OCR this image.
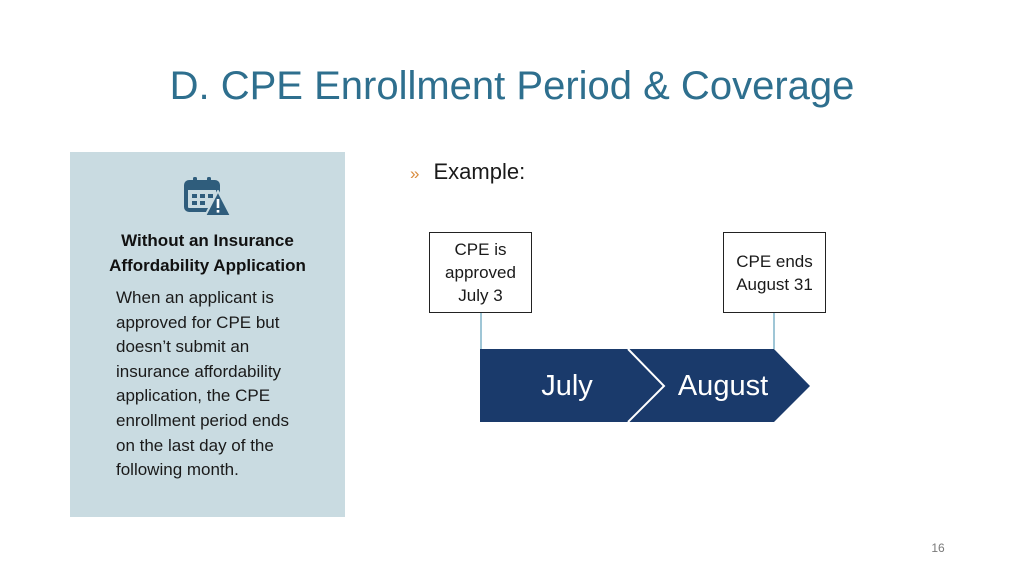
D. CPE Enrollment Period & Coverage
Without an Insurance
Affordability Application
When an applicant is
approved for CPE but
doesn’t submit an
insurance affordability
application, the CPE
enrollment period ends
on the last day of the
following month.
» Example:
July	August
CPE is
approved
July 3
CPE ends
August 31
16
